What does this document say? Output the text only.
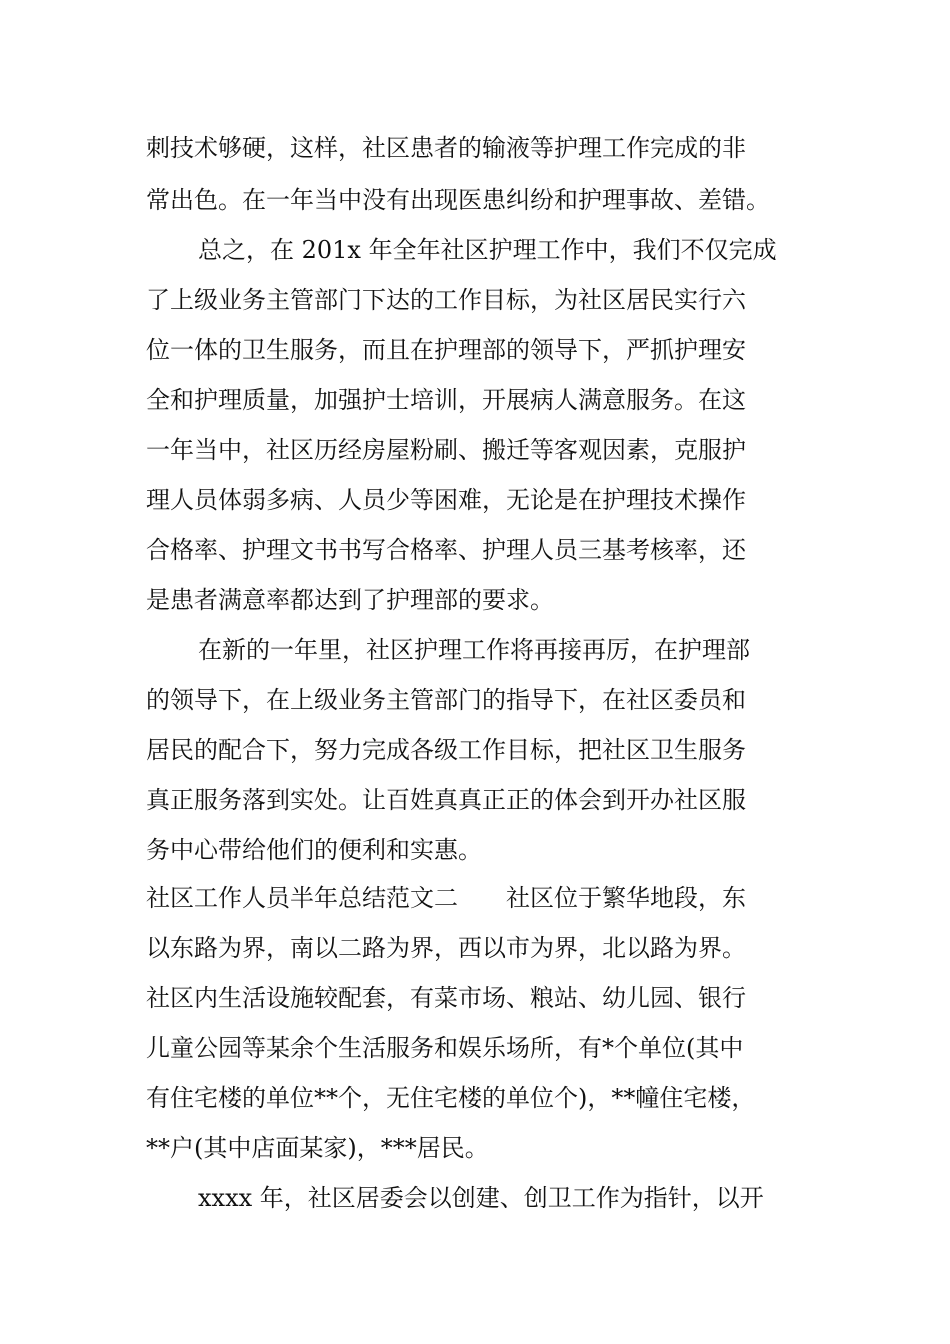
刺技术够硬，这样，社区患者的输液等护理工作完成的非
常出色。在一年当中没有出现医患纠纷和护理事故、差错。
总之，在 201x 年全年社区护理工作中，我们不仅完成
了上级业务主管部门下达的工作目标，为社区居民实行六
位一体的卫生服务，而且在护理部的领导下，严抓护理安
全和护理质量，加强护士培训，开展病人满意服务。在这
一年当中，社区历经房屋粉刷、搬迁等客观因素，克服护
理人员体弱多病、人员少等困难，无论是在护理技术操作
合格率、护理文书书写合格率、护理人员三基考核率，还
是患者满意率都达到了护理部的要求。
在新的一年里，社区护理工作将再接再厉，在护理部
的领导下，在上级业务主管部门的指导下，在社区委员和
居民的配合下，努力完成各级工作目标，把社区卫生服务
真正服务落到实处。让百姓真真正正的体会到开办社区服
务中心带给他们的便利和实惠。
社区工作人员半年总结范文二　　社区位于繁华地段，东
以东路为界，南以二路为界，西以市为界，北以路为界。
社区内生活设施较配套，有菜市场、粮站、幼儿园、银行
儿童公园等某余个生活服务和娱乐场所，有*个单位(其中
有住宅楼的单位**个，无住宅楼的单位个)，**幢住宅楼，
**户(其中店面某家)，***居民。
xxxx 年，社区居委会以创建、创卫工作为指针，以开
